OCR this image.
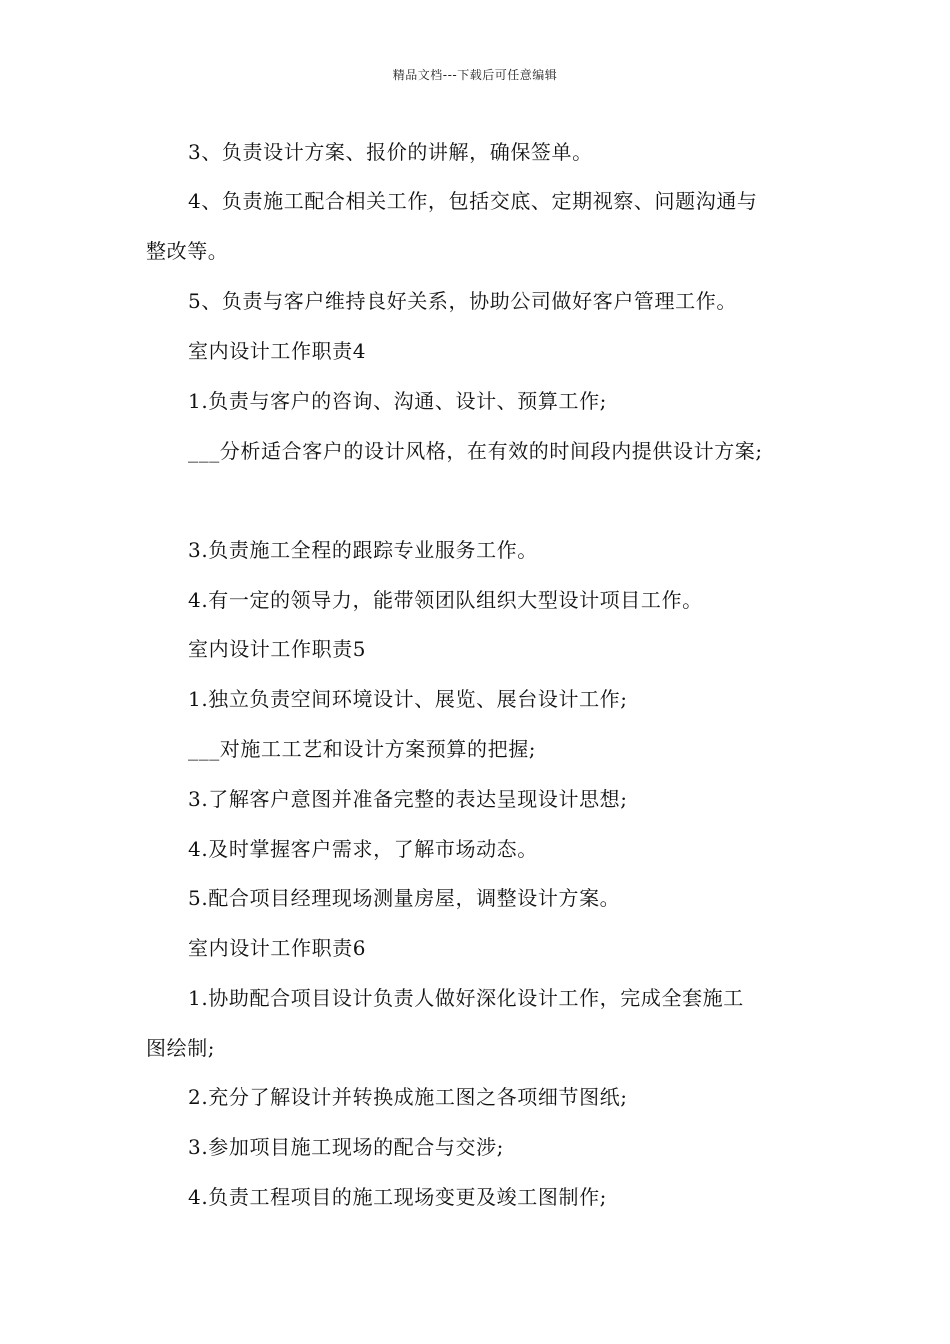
精品文档---下载后可任意编辑
3、负责设计方案、报价的讲解，确保签单。
4、负责施工配合相关工作，包括交底、定期视察、问题沟通与
整改等。
5、负责与客户维持良好关系，协助公司做好客户管理工作。
室内设计工作职责4
1.负责与客户的咨询、沟通、设计、预算工作;
___分析适合客户的设计风格，在有效的时间段内提供设计方案;
3.负责施工全程的跟踪专业服务工作。
4.有一定的领导力，能带领团队组织大型设计项目工作。
室内设计工作职责5
1.独立负责空间环境设计、展览、展台设计工作;
___对施工工艺和设计方案预算的把握;
3.了解客户意图并准备完整的表达呈现设计思想;
4.及时掌握客户需求，了解市场动态。
5.配合项目经理现场测量房屋，调整设计方案。
室内设计工作职责6
1.协助配合项目设计负责人做好深化设计工作，完成全套施工
图绘制;
2.充分了解设计并转换成施工图之各项细节图纸;
3.参加项目施工现场的配合与交涉;
4.负责工程项目的施工现场变更及竣工图制作;
